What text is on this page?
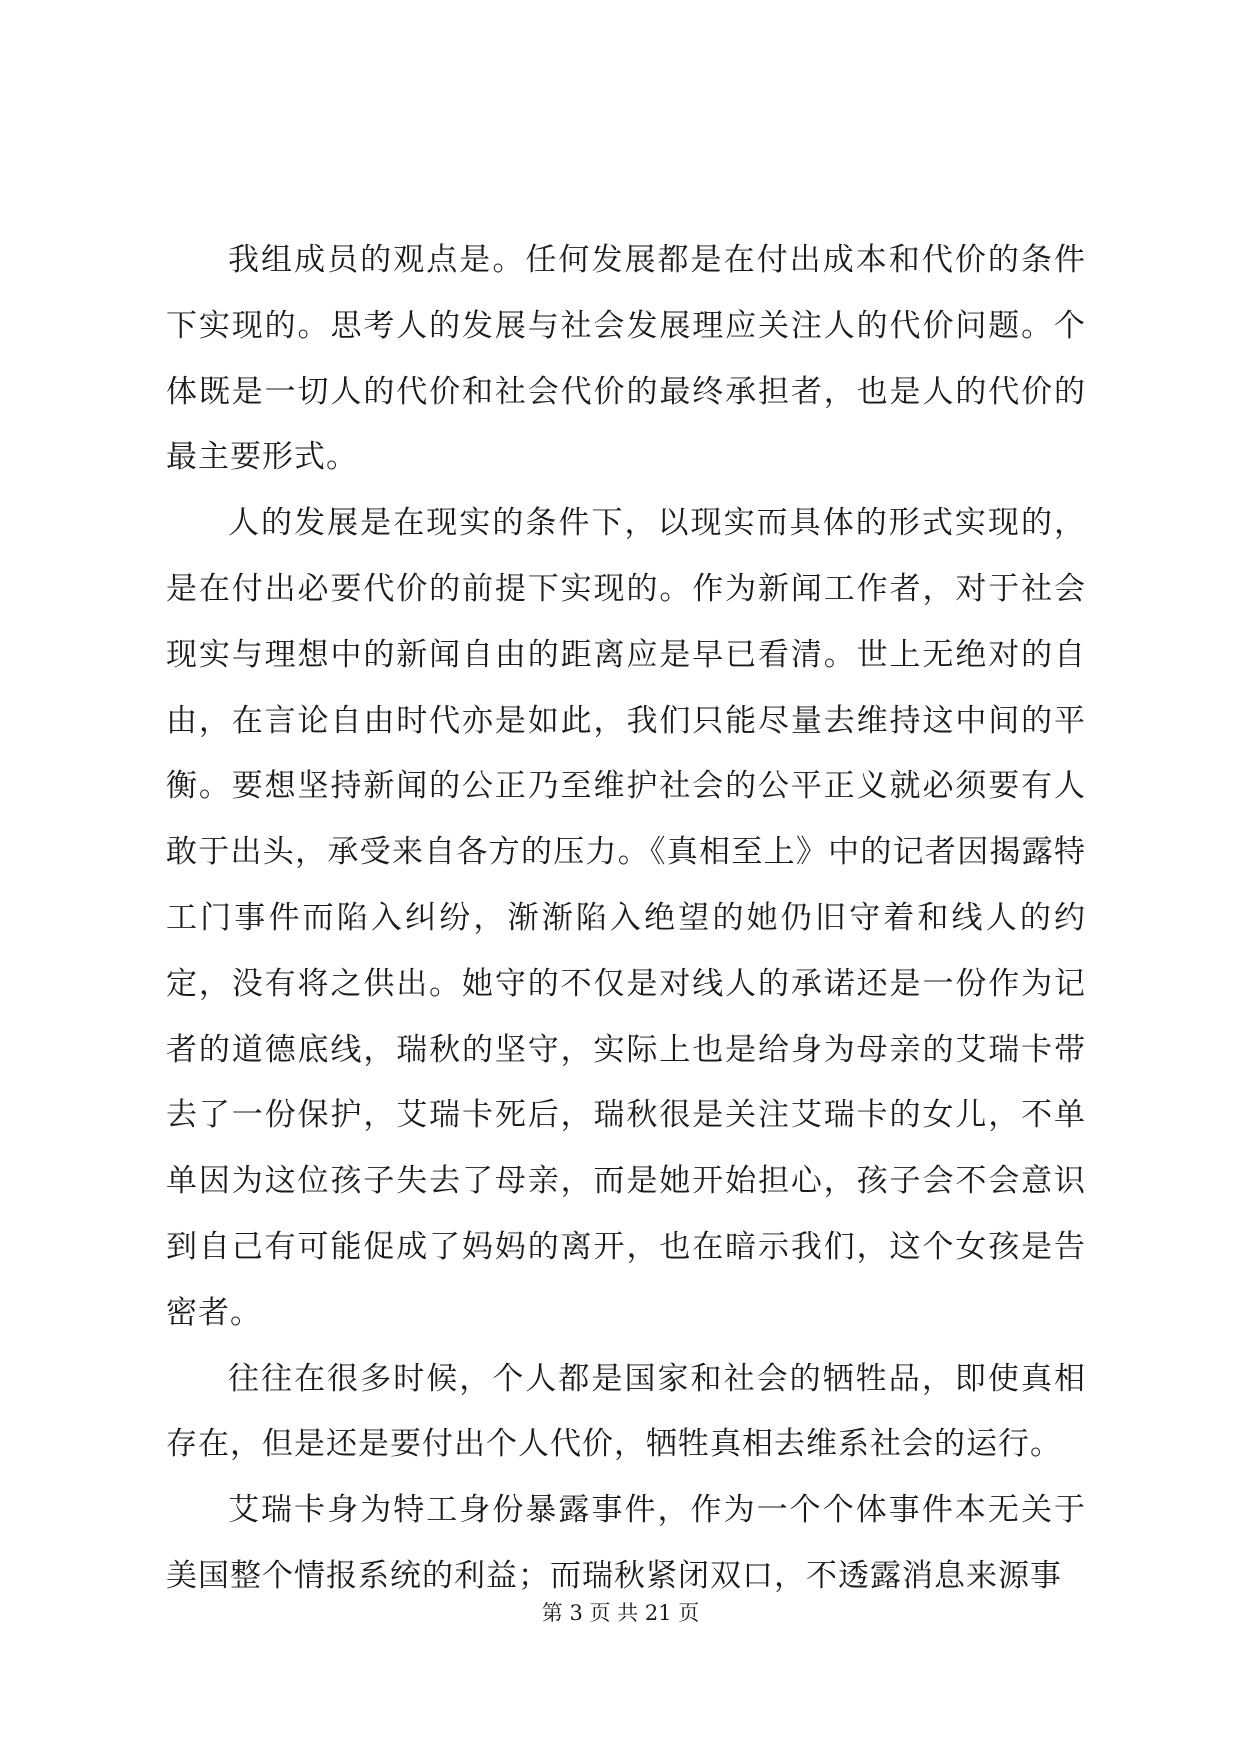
我组成员的观点是。任何发展都是在付出成本和代价的条件下实现的。思考人的发展与社会发展理应关注人的代价问题。个体既是一切人的代价和社会代价的最终承担者，也是人的代价的最主要形式。

人的发展是在现实的条件下，以现实而具体的形式实现的，是在付出必要代价的前提下实现的。作为新闻工作者，对于社会现实与理想中的新闻自由的距离应是早已看清。世上无绝对的自由，在言论自由时代亦是如此，我们只能尽量去维持这中间的平衡。要想坚持新闻的公正乃至维护社会的公平正义就必须要有人敢于出头，承受来自各方的压力。《真相至上》中的记者因揭露特工门事件而陷入纠纷，渐渐陷入绝望的她仍旧守着和线人的约定，没有将之供出。她守的不仅是对线人的承诺还是一份作为记者的道德底线，瑞秋的坚守，实际上也是给身为母亲的艾瑞卡带去了一份保护，艾瑞卡死后，瑞秋很是关注艾瑞卡的女儿，不单单因为这位孩子失去了母亲，而是她开始担心，孩子会不会意识到自己有可能促成了妈妈的离开，也在暗示我们，这个女孩是告密者。

往往在很多时候，个人都是国家和社会的牺牲品，即使真相存在，但是还是要付出个人代价，牺牲真相去维系社会的运行。

艾瑞卡身为特工身份暴露事件，作为一个个体事件本无关于美国整个情报系统的利益；而瑞秋紧闭双口，不透露消息来源事

第 3 页 共 21 页
